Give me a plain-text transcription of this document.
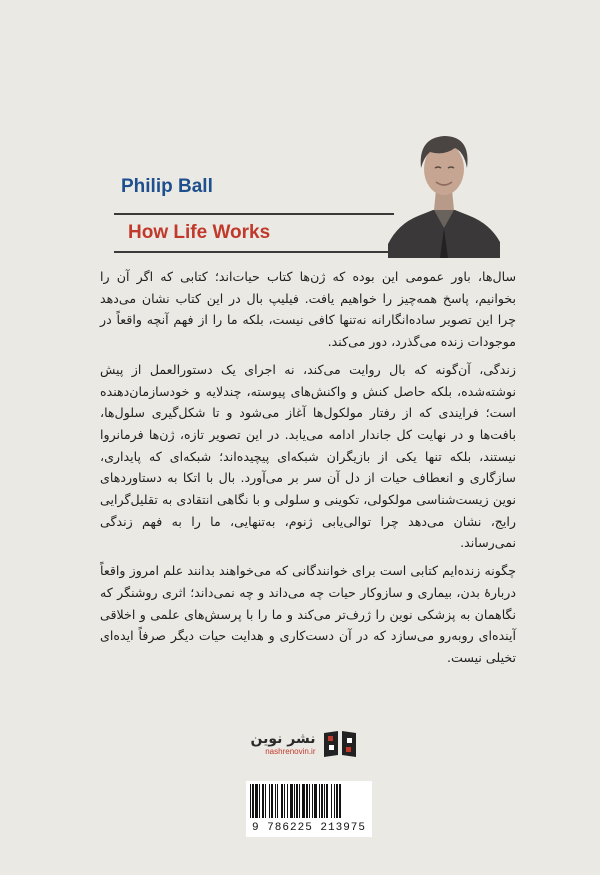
Philip Ball
How Life Works

سال‌ها، باور عمومی این بوده که ژن‌ها کتاب حیات‌اند؛ کتابی که اگر آن را بخوانیم، پاسخ همه‌چیز را خواهیم یافت. فیلیپ بال در این کتاب نشان می‌دهد چرا این تصویر ساده‌انگارانه نه‌تنها کافی نیست، بلکه ما را از فهم آنچه واقعاً در موجودات زنده می‌گذرد، دور می‌کند.

زندگی، آن‌گونه که بال روایت می‌کند، نه اجرای یک دستورالعمل از پیش نوشته‌شده، بلکه حاصل کنش و واکنش‌های پیوسته، چندلایه و خودسازمان‌دهنده است؛ فرایندی که از رفتار مولکول‌ها آغاز می‌شود و تا شکل‌گیری سلول‌ها، بافت‌ها و در نهایت کل جاندار ادامه می‌یابد. در این تصویر تازه، ژن‌ها فرمانروا نیستند، بلکه تنها یکی از بازیگران شبکه‌ای پیچیده‌اند؛ شبکه‌ای که پایداری، سازگاری و انعطاف حیات از دل آن سر بر می‌آورد. بال با اتکا به دستاوردهای نوین زیست‌شناسی مولکولی، تکوینی و سلولی و با نگاهی انتقادی به تقلیل‌گرایی رایج، نشان می‌دهد چرا توالی‌یابی ژنوم، به‌تنهایی، ما را به فهم زندگی نمی‌رساند.

چگونه زنده‌ایم کتابی است برای خوانندگانی که می‌خواهند بدانند علم امروز واقعاً دربارهٔ بدن، بیماری و سازوکار حیات چه می‌داند و چه نمی‌داند؛ اثری روشنگر که نگاهمان به پزشکی نوین را ژرف‌تر می‌کند و ما را با پرسش‌های علمی و اخلاقی آینده‌ای روبه‌رو می‌سازد که در آن دست‌کاری و هدایت حیات دیگر صرفاً ایده‌ای تخیلی نیست.

نشر نوین
nashrenovin.ir
9 786225 213975
